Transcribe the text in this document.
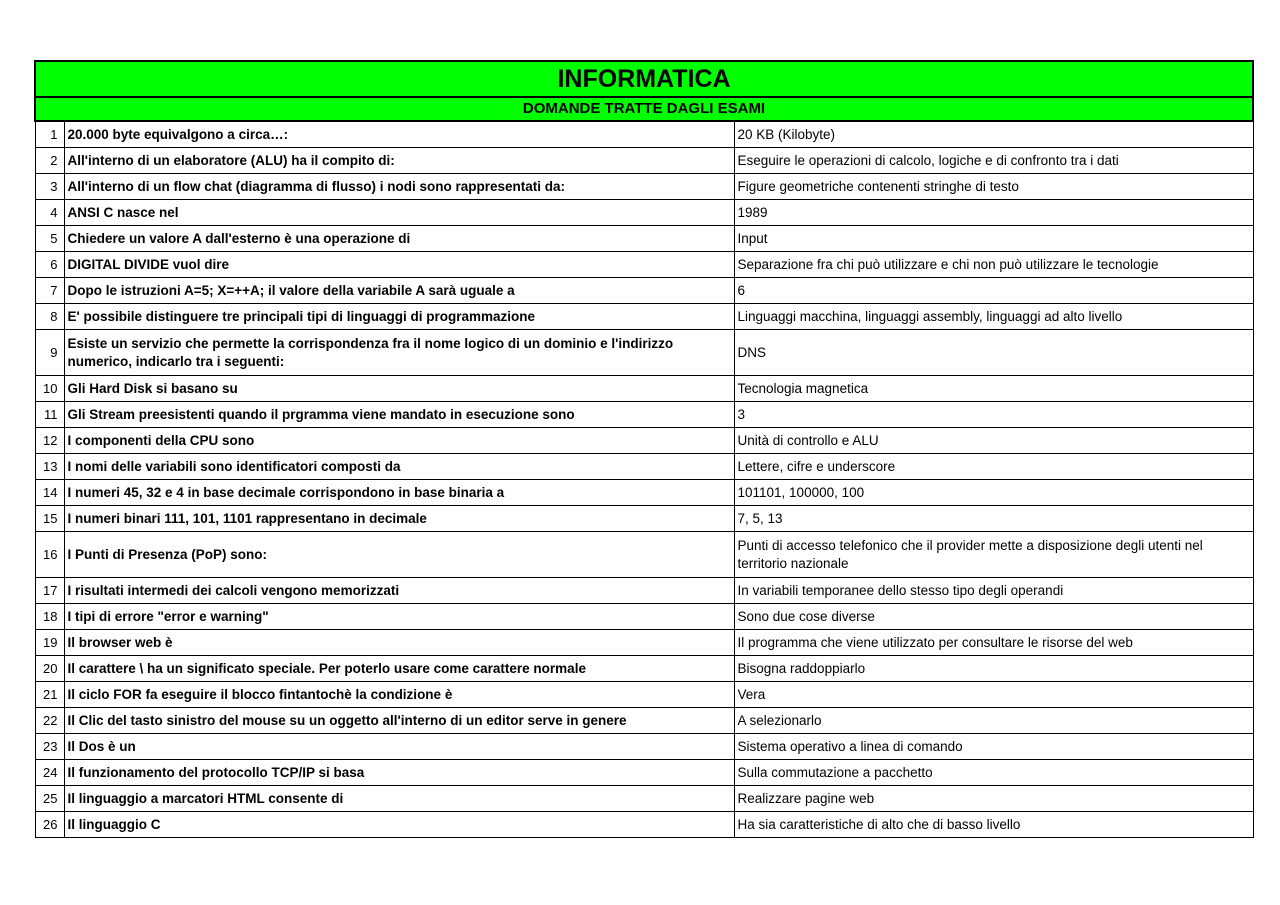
INFORMATICA		
DOMANDE TRATTE DAGLI ESAMI		
1	20.000 byte equivalgono a circa…:	20 KB (Kilobyte)
2	All'interno di un elaboratore (ALU) ha il compito di:	Eseguire le operazioni di calcolo, logiche e di confronto tra i dati
3	All'interno di un flow chat (diagramma di flusso) i nodi sono rappresentati da:	Figure geometriche contenenti stringhe di testo
4	ANSI C nasce nel	1989
5	Chiedere un valore A dall'esterno è una operazione di	Input
6	DIGITAL DIVIDE vuol dire	Separazione fra chi può utilizzare e chi non può utilizzare le tecnologie
7	Dopo le istruzioni A=5; X=++A; il valore della variabile A sarà uguale a	6
8	E' possibile distinguere tre principali tipi di linguaggi di programmazione	Linguaggi macchina, linguaggi assembly, linguaggi ad alto livello
9	Esiste un servizio che permette la corrispondenza fra il nome logico di un dominio e l'indirizzo numerico, indicarlo tra i seguenti:	DNS
10	Gli Hard Disk si basano su	Tecnologia magnetica
11	Gli Stream preesistenti quando il prgramma viene mandato in esecuzione sono	3
12	I componenti della CPU sono	Unità di controllo e ALU
13	I nomi delle variabili sono identificatori composti da	Lettere, cifre e underscore
14	I numeri 45, 32 e 4 in base decimale corrispondono in base binaria a	101101, 100000, 100
15	I numeri binari 111, 101, 1101 rappresentano in decimale	7, 5, 13
16	I Punti di Presenza (PoP) sono:	Punti di accesso telefonico che il provider mette a disposizione degli utenti nel territorio nazionale
17	I risultati intermedi dei calcoli vengono memorizzati	In variabili temporanee dello stesso tipo degli operandi
18	I tipi di errore "error e warning"	Sono due cose diverse
19	Il browser web è	Il programma che viene utilizzato per consultare le risorse del web
20	Il carattere \ ha un significato speciale. Per poterlo usare come carattere normale	Bisogna raddoppiarlo
21	Il ciclo FOR fa eseguire il blocco fintantochè la condizione è	Vera
22	Il Clic del tasto sinistro del mouse su un oggetto all'interno di un editor serve in genere	A selezionarlo
23	Il Dos è un	Sistema operativo a linea di comando
24	Il funzionamento del protocollo TCP/IP si basa	Sulla commutazione a pacchetto
25	Il linguaggio a marcatori HTML consente di	Realizzare pagine web
26	Il linguaggio C	Ha sia caratteristiche di alto che di basso livello
